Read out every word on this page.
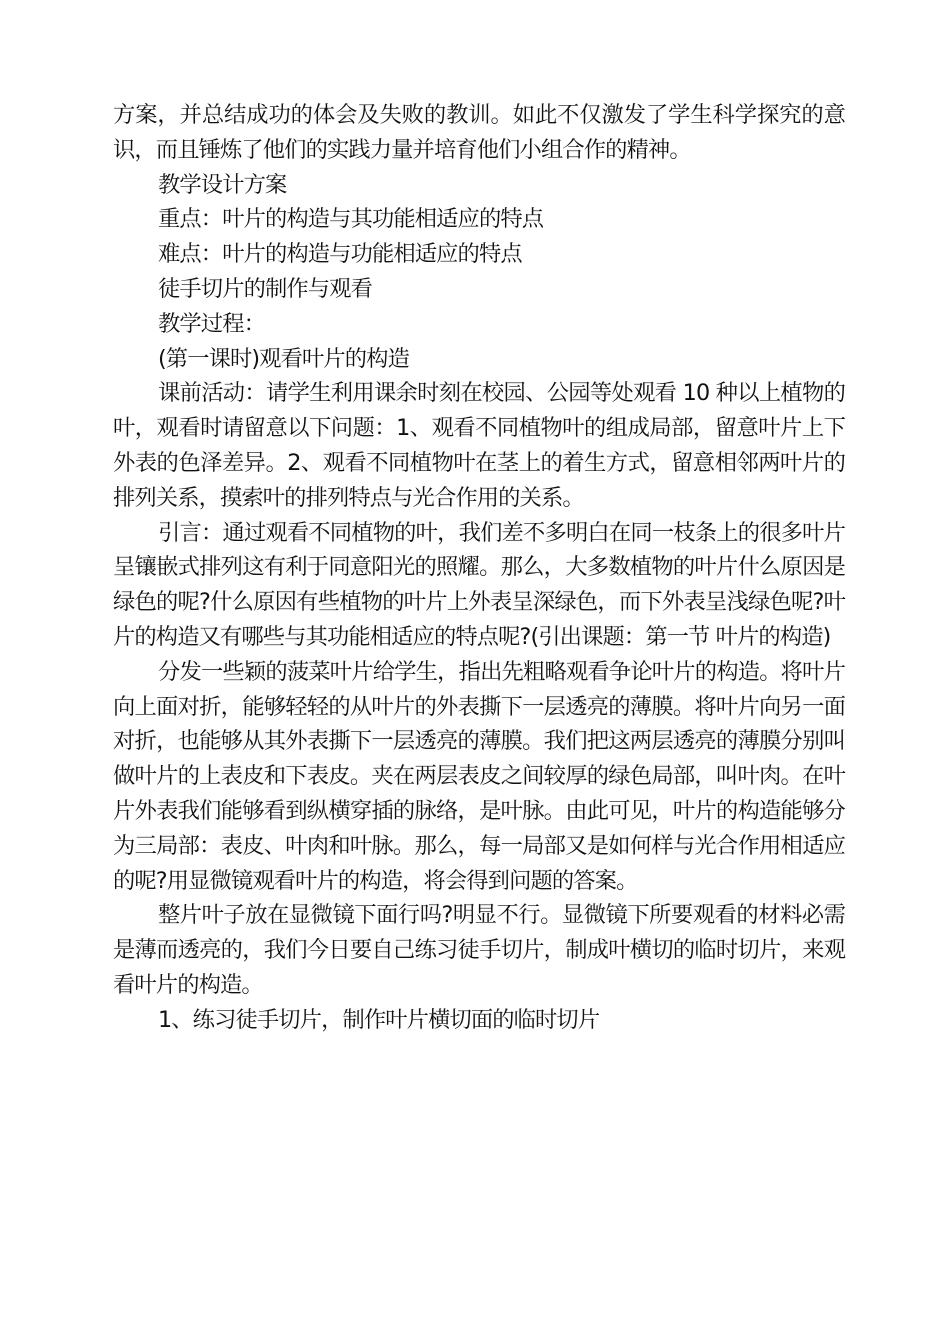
方案，并总结成功的体会及失败的教训。如此不仅激发了学生科学探究的意识，而且锤炼了他们的实践力量并培育他们小组合作的精神。

教学设计方案

重点：叶片的构造与其功能相适应的特点

难点：叶片的构造与功能相适应的特点

徒手切片的制作与观看

教学过程：

(第一课时)观看叶片的构造

课前活动：请学生利用课余时刻在校园、公园等处观看 10 种以上植物的叶，观看时请留意以下问题：1、观看不同植物叶的组成局部，留意叶片上下外表的色泽差异。2、观看不同植物叶在茎上的着生方式，留意相邻两叶片的排列关系，摸索叶的排列特点与光合作用的关系。

引言：通过观看不同植物的叶，我们差不多明白在同一枝条上的很多叶片呈镶嵌式排列这有利于同意阳光的照耀。那么，大多数植物的叶片什么原因是绿色的呢?什么原因有些植物的叶片上外表呈深绿色，而下外表呈浅绿色呢?叶片的构造又有哪些与其功能相适应的特点呢?(引出课题：第一节 叶片的构造)

分发一些颖的菠菜叶片给学生，指出先粗略观看争论叶片的构造。将叶片向上面对折，能够轻轻的从叶片的外表撕下一层透亮的薄膜。将叶片向另一面对折，也能够从其外表撕下一层透亮的薄膜。我们把这两层透亮的薄膜分别叫做叶片的上表皮和下表皮。夹在两层表皮之间较厚的绿色局部，叫叶肉。在叶片外表我们能够看到纵横穿插的脉络，是叶脉。由此可见，叶片的构造能够分为三局部：表皮、叶肉和叶脉。那么，每一局部又是如何样与光合作用相适应的呢?用显微镜观看叶片的构造，将会得到问题的答案。

整片叶子放在显微镜下面行吗?明显不行。显微镜下所要观看的材料必需是薄而透亮的，我们今日要自己练习徒手切片，制成叶横切的临时切片，来观看叶片的构造。

1、练习徒手切片，制作叶片横切面的临时切片
